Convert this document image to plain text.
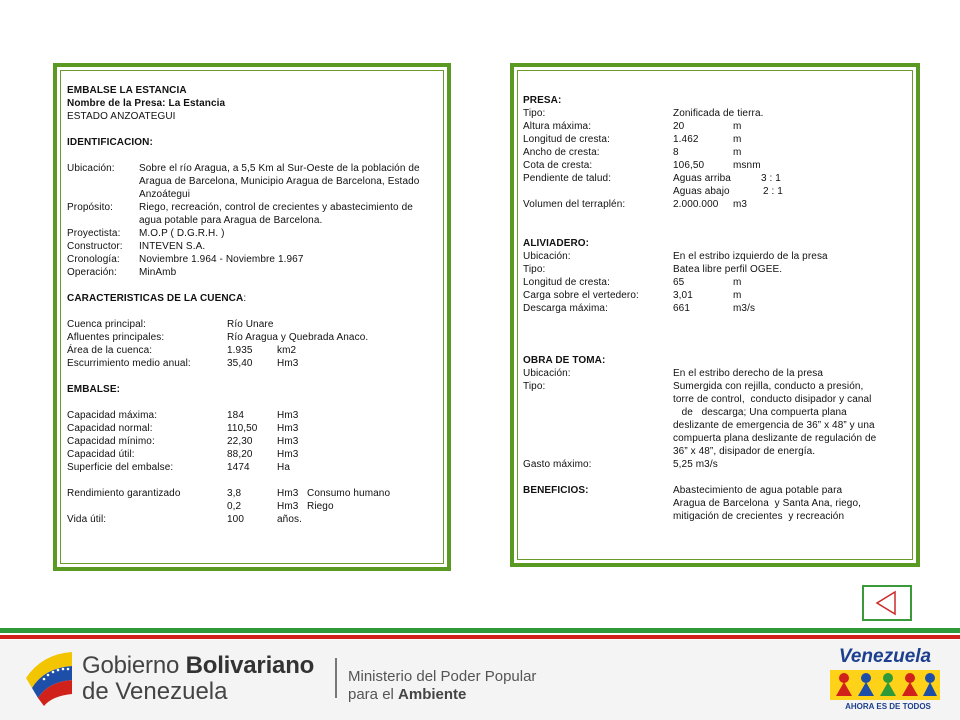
EMBALSE LA ESTANCIA
Nombre de la Presa: La Estancia
ESTADO ANZOATEGUI
IDENTIFICACION:
Ubicación:	Sobre el río Aragua, a 5,5 Km al Sur-Oeste de la población de Aragua de Barcelona, Municipio Aragua de Barcelona, Estado Anzoátegui
Propósito:	Riego, recreación, control de crecientes y abastecimiento de agua potable para Aragua de Barcelona.
Proyectista:	M.O.P ( D.G.R.H. )
Constructor:	INTEVEN S.A.
Cronología:	Noviembre 1.964 - Noviembre 1.967
Operación:	MinAmb
CARACTERISTICAS DE LA CUENCA:
Cuenca principal:	Río Unare
Afluentes principales:	Río Aragua y Quebrada Anaco.
Área de la cuenca:	1.935	km2
Escurrimiento medio anual:	35,40	Hm3
EMBALSE:
Capacidad máxima:	184	Hm3
Capacidad normal:	110,50	Hm3
Capacidad mínimo:	22,30	Hm3
Capacidad útil:	88,20	Hm3
Superficie del embalse:	1474	Ha
Rendimiento garantizado	3,8	Hm3 Consumo humano
0,2	Hm3 Riego
Vida útil:	100	años.
PRESA:
Tipo:	Zonificada de tierra.
Altura máxima:	20	m
Longitud de cresta:	1.462	m
Ancho de cresta:	8	m
Cota de cresta:	106,50	msnm
Pendiente de talud:	Aguas arriba	3 : 1
Aguas abajo	2 : 1
Volumen del terraplén:	2.000.000	m3
ALIVIADERO:
Ubicación:	En el estribo izquierdo de la presa
Tipo:	Batea libre perfil OGEE.
Longitud de cresta:	65	m
Carga sobre el vertedero:	3,01	m
Descarga máxima:	661	m3/s
OBRA DE TOMA:
Ubicación:	En el estribo derecho de la presa
Tipo:	Sumergida con rejilla, conducto a presión,
torre de control,  conducto disipador y canal
de   descarga; Una compuerta plana
deslizante de emergencia de 36” x 48” y una
compuerta plana deslizante de regulación de
36” x 48”, disipador de energía.
Gasto máximo:	5,25 m3/s
BENEFICIOS:	Abastecimiento de agua potable para
Aragua de Barcelona  y Santa Ana, riego,
mitigación de crecientes  y recreación
Gobierno Bolivariano
de Venezuela
Ministerio del Poder Popular
para el Ambiente
Venezuela
AHORA ES DE TODOS
